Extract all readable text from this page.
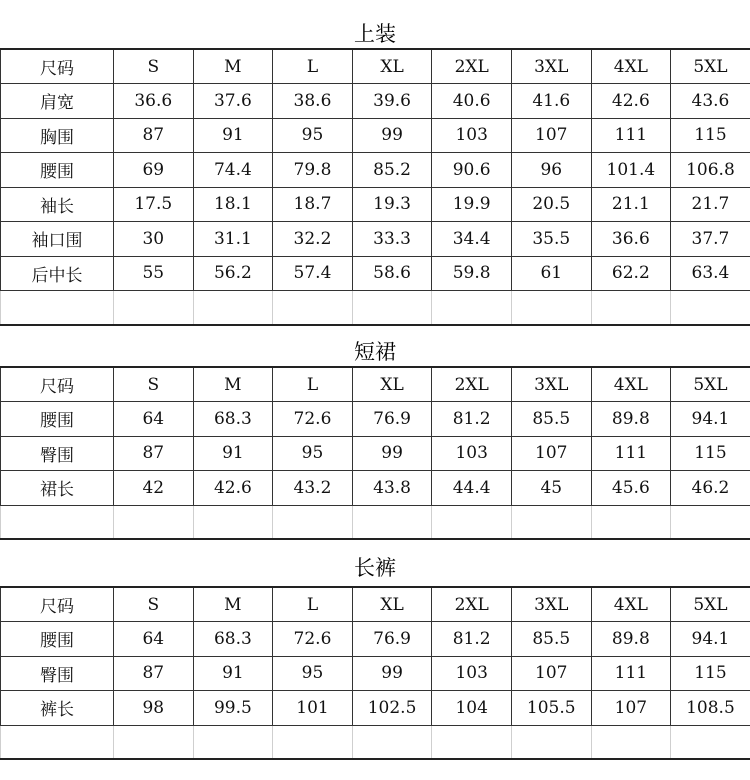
上装
尺码	S	M	L	XL	2XL	3XL	4XL	5XL
肩宽	36.6	37.6	38.6	39.6	40.6	41.6	42.6	43.6
胸围	87	91	95	99	103	107	111	115
腰围	69	74.4	79.8	85.2	90.6	96	101.4	106.8
袖长	17.5	18.1	18.7	19.3	19.9	20.5	21.1	21.7
袖口围	30	31.1	32.2	33.3	34.4	35.5	36.6	37.7
后中长	55	56.2	57.4	58.6	59.8	61	62.2	63.4

短裙
尺码	S	M	L	XL	2XL	3XL	4XL	5XL
腰围	64	68.3	72.6	76.9	81.2	85.5	89.8	94.1
臀围	87	91	95	99	103	107	111	115
裙长	42	42.6	43.2	43.8	44.4	45	45.6	46.2

长裤
尺码	S	M	L	XL	2XL	3XL	4XL	5XL
腰围	64	68.3	72.6	76.9	81.2	85.5	89.8	94.1
臀围	87	91	95	99	103	107	111	115
裤长	98	99.5	101	102.5	104	105.5	107	108.5
